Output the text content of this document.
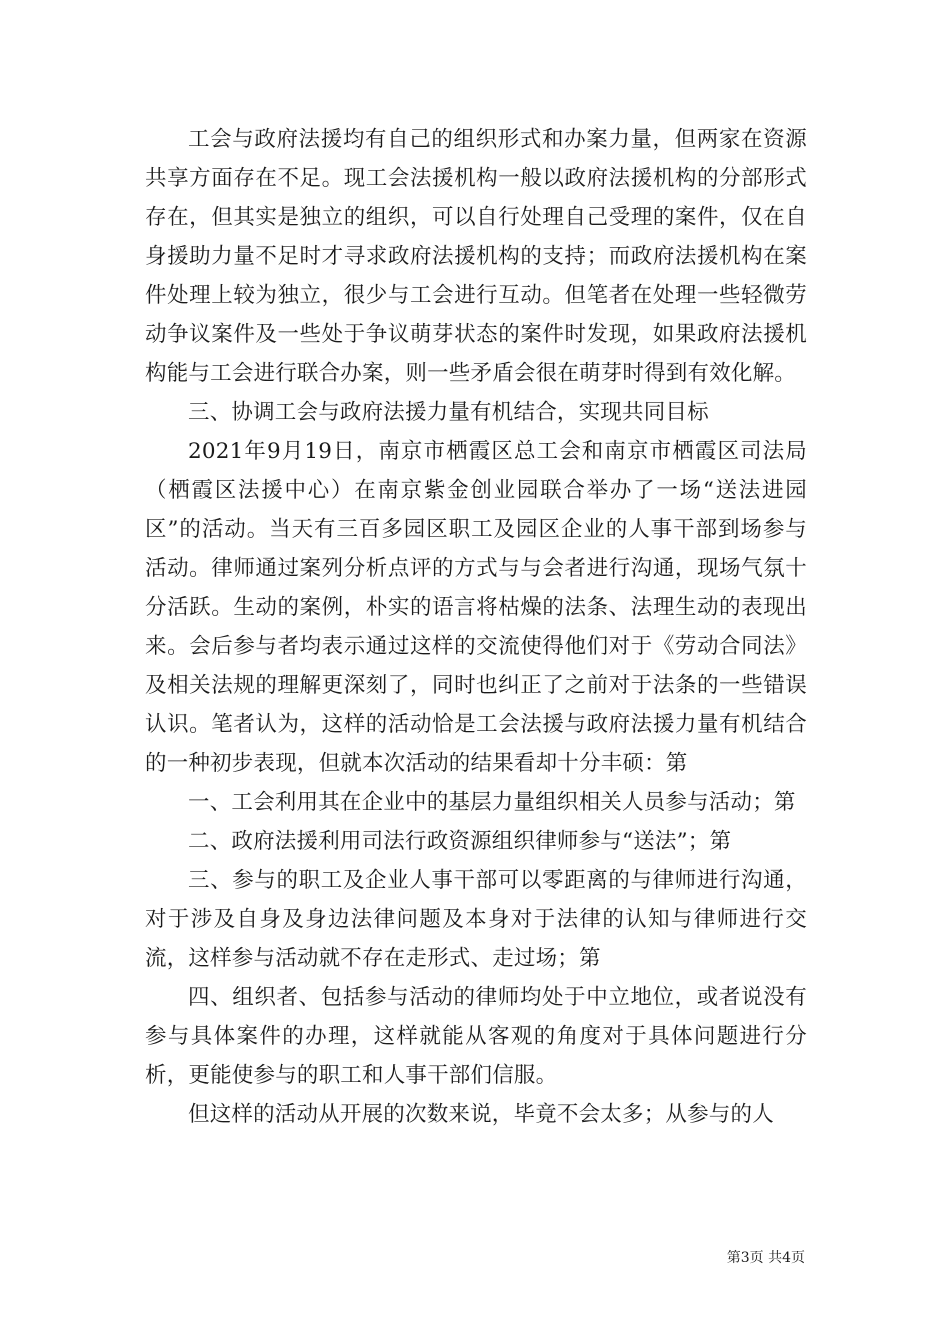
工会与政府法援均有自己的组织形式和办案力量，但两家在资源共享方面存在不足。现工会法援机构一般以政府法援机构的分部形式存在，但其实是独立的组织，可以自行处理自己受理的案件，仅在自身援助力量不足时才寻求政府法援机构的支持；而政府法援机构在案件处理上较为独立，很少与工会进行互动。但笔者在处理一些轻微劳动争议案件及一些处于争议萌芽状态的案件时发现，如果政府法援机构能与工会进行联合办案，则一些矛盾会很在萌芽时得到有效化解。

三、协调工会与政府法援力量有机结合，实现共同目标

2021年9月19日，南京市栖霞区总工会和南京市栖霞区司法局（栖霞区法援中心）在南京紫金创业园联合举办了一场“送法进园区”的活动。当天有三百多园区职工及园区企业的人事干部到场参与活动。律师通过案列分析点评的方式与与会者进行沟通，现场气氛十分活跃。生动的案例，朴实的语言将枯燥的法条、法理生动的表现出来。会后参与者均表示通过这样的交流使得他们对于《劳动合同法》及相关法规的理解更深刻了，同时也纠正了之前对于法条的一些错误认识。笔者认为，这样的活动恰是工会法援与政府法援力量有机结合的一种初步表现，但就本次活动的结果看却十分丰硕：第

一、工会利用其在企业中的基层力量组织相关人员参与活动；第

二、政府法援利用司法行政资源组织律师参与“送法”；第

三、参与的职工及企业人事干部可以零距离的与律师进行沟通，对于涉及自身及身边法律问题及本身对于法律的认知与律师进行交流，这样参与活动就不存在走形式、走过场；第

四、组织者、包括参与活动的律师均处于中立地位，或者说没有参与具体案件的办理，这样就能从客观的角度对于具体问题进行分析，更能使参与的职工和人事干部们信服。

但这样的活动从开展的次数来说，毕竟不会太多；从参与的人

第3页 共4页
